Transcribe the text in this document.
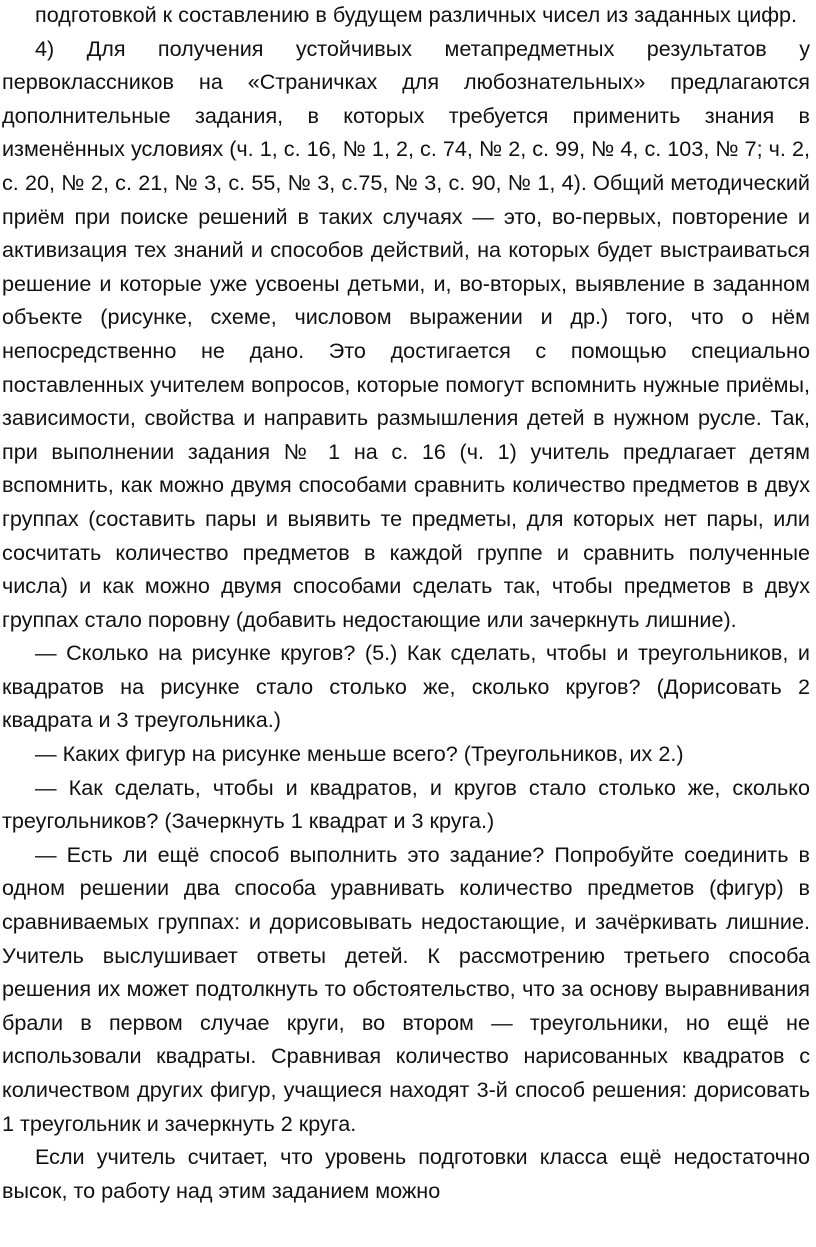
подготовкой к составлению в будущем различных чисел из заданных цифр.

4) Для получения устойчивых метапредметных результатов у первоклассников на «Страничках для любознательных» предлагаются дополнительные задания, в которых требуется применить знания в изменённых условиях (ч. 1, с. 16, № 1, 2, с. 74, № 2, с. 99, № 4, с. 103, № 7; ч. 2, с. 20, № 2, с. 21, № 3, с. 55, № 3, с.75, № 3, с. 90, № 1, 4). Общий методический приём при поиске решений в таких случаях — это, во-первых, повторение и активизация тех знаний и способов действий, на которых будет выстраиваться решение и которые уже усвоены детьми, и, во-вторых, выявление в заданном объекте (рисунке, схеме, числовом выражении и др.) того, что о нём непосредственно не дано. Это достигается с помощью специально поставленных учителем вопросов, которые помогут вспомнить нужные приёмы, зависимости, свойства и направить размышления детей в нужном русле. Так, при выполнении задания № 1 на с. 16 (ч. 1) учитель предлагает детям вспомнить, как можно двумя способами сравнить количество предметов в двух группах (составить пары и выявить те предметы, для которых нет пары, или сосчитать количество предметов в каждой группе и сравнить полученные числа) и как можно двумя способами сделать так, чтобы предметов в двух группах стало поровну (добавить недостающие или зачеркнуть лишние).

— Сколько на рисунке кругов? (5.) Как сделать, чтобы и треугольников, и квадратов на рисунке стало столько же, сколько кругов? (Дорисовать 2 квадрата и 3 треугольника.)

— Каких фигур на рисунке меньше всего? (Треугольников, их 2.)

— Как сделать, чтобы и квадратов, и кругов стало столько же, сколько треугольников? (Зачеркнуть 1 квадрат и 3 круга.)

— Есть ли ещё способ выполнить это задание? Попробуйте соединить в одном решении два способа уравнивать количество предметов (фигур) в сравниваемых группах: и дорисовывать недостающие, и зачёркивать лишние. Учитель выслушивает ответы детей. К рассмотрению третьего способа решения их может подтолкнуть то обстоятельство, что за основу выравнивания брали в первом случае круги, во втором — треугольники, но ещё не использовали квадраты. Сравнивая количество нарисованных квадратов с количеством других фигур, учащиеся находят 3-й способ решения: дорисовать 1 треугольник и зачеркнуть 2 круга.

Если учитель считает, что уровень подготовки класса ещё недостаточно высок, то работу над этим заданием можно
